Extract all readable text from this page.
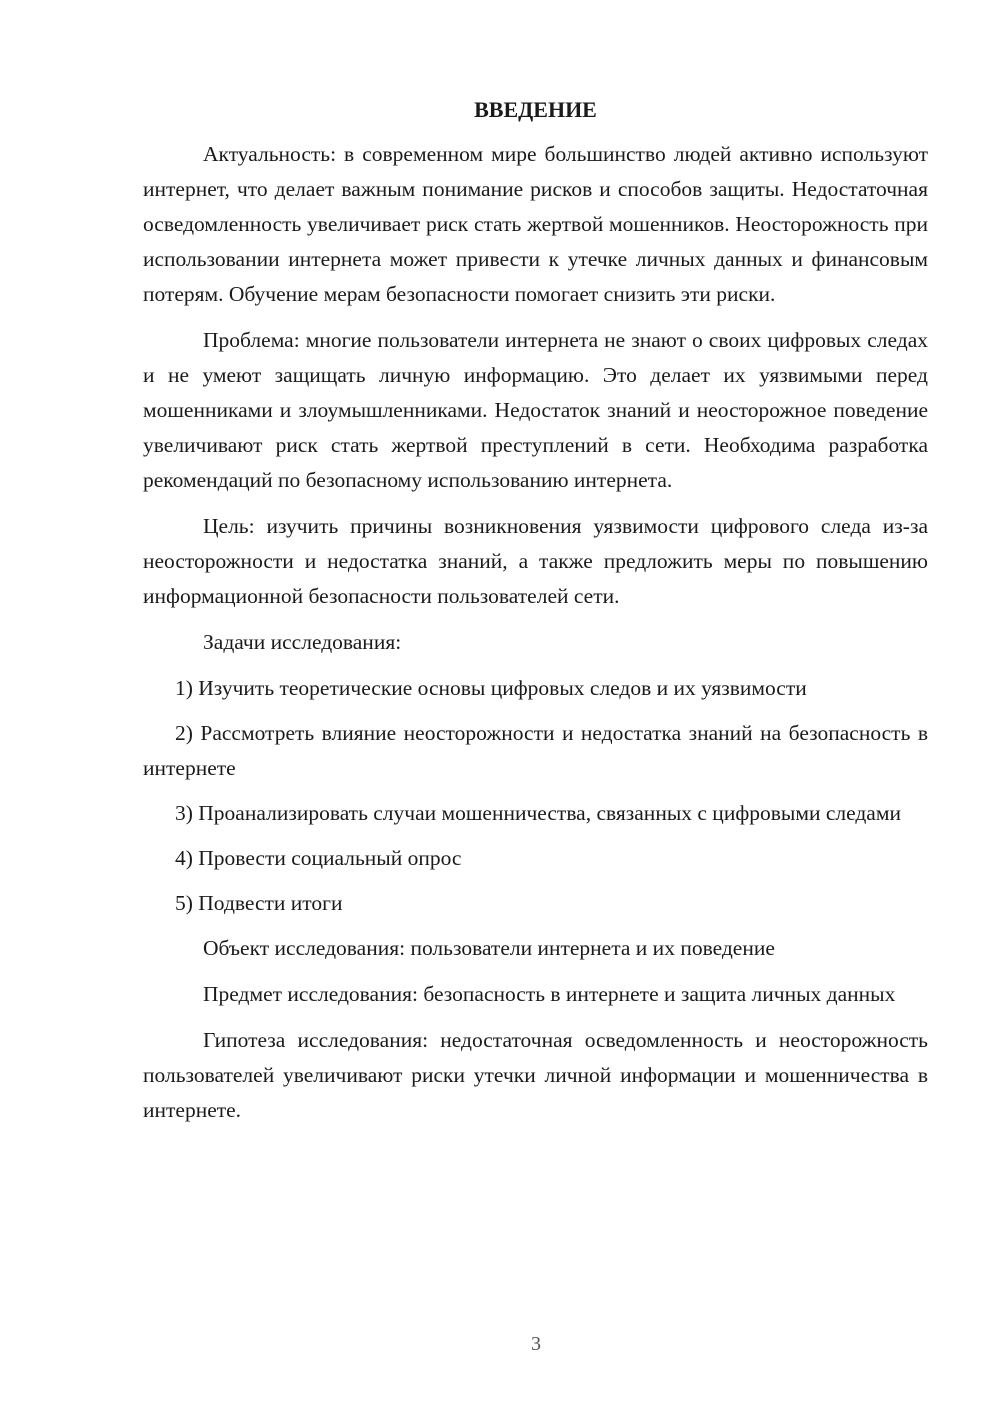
ВВЕДЕНИЕ

Актуальность: в современном мире большинство людей активно используют интернет, что делает важным понимание рисков и способов защиты. Недостаточная осведомленность увеличивает риск стать жертвой мошенников. Неосторожность при использовании интернета может привести к утечке личных данных и финансовым потерям. Обучение мерам безопасности помогает снизить эти риски.

Проблема: многие пользователи интернета не знают о своих цифровых следах и не умеют защищать личную информацию. Это делает их уязвимыми перед мошенниками и злоумышленниками. Недостаток знаний и неосторожное поведение увеличивают риск стать жертвой преступлений в сети. Необходима разработка рекомендаций по безопасному использованию интернета.

Цель: изучить причины возникновения уязвимости цифрового следа из-за неосторожности и недостатка знаний, а также предложить меры по повышению информационной безопасности пользователей сети.

Задачи исследования:

1) Изучить теоретические основы цифровых следов и их уязвимости

2) Рассмотреть влияние неосторожности и недостатка знаний на безопасность в интернете

3) Проанализировать случаи мошенничества, связанных с цифровыми следами

4) Провести социальный опрос

5) Подвести итоги

Объект исследования: пользователи интернета и их поведение

Предмет исследования: безопасность в интернете и защита личных данных

Гипотеза исследования: недостаточная осведомленность и неосторожность пользователей увеличивают риски утечки личной информации и мошенничества в интернете.

3
